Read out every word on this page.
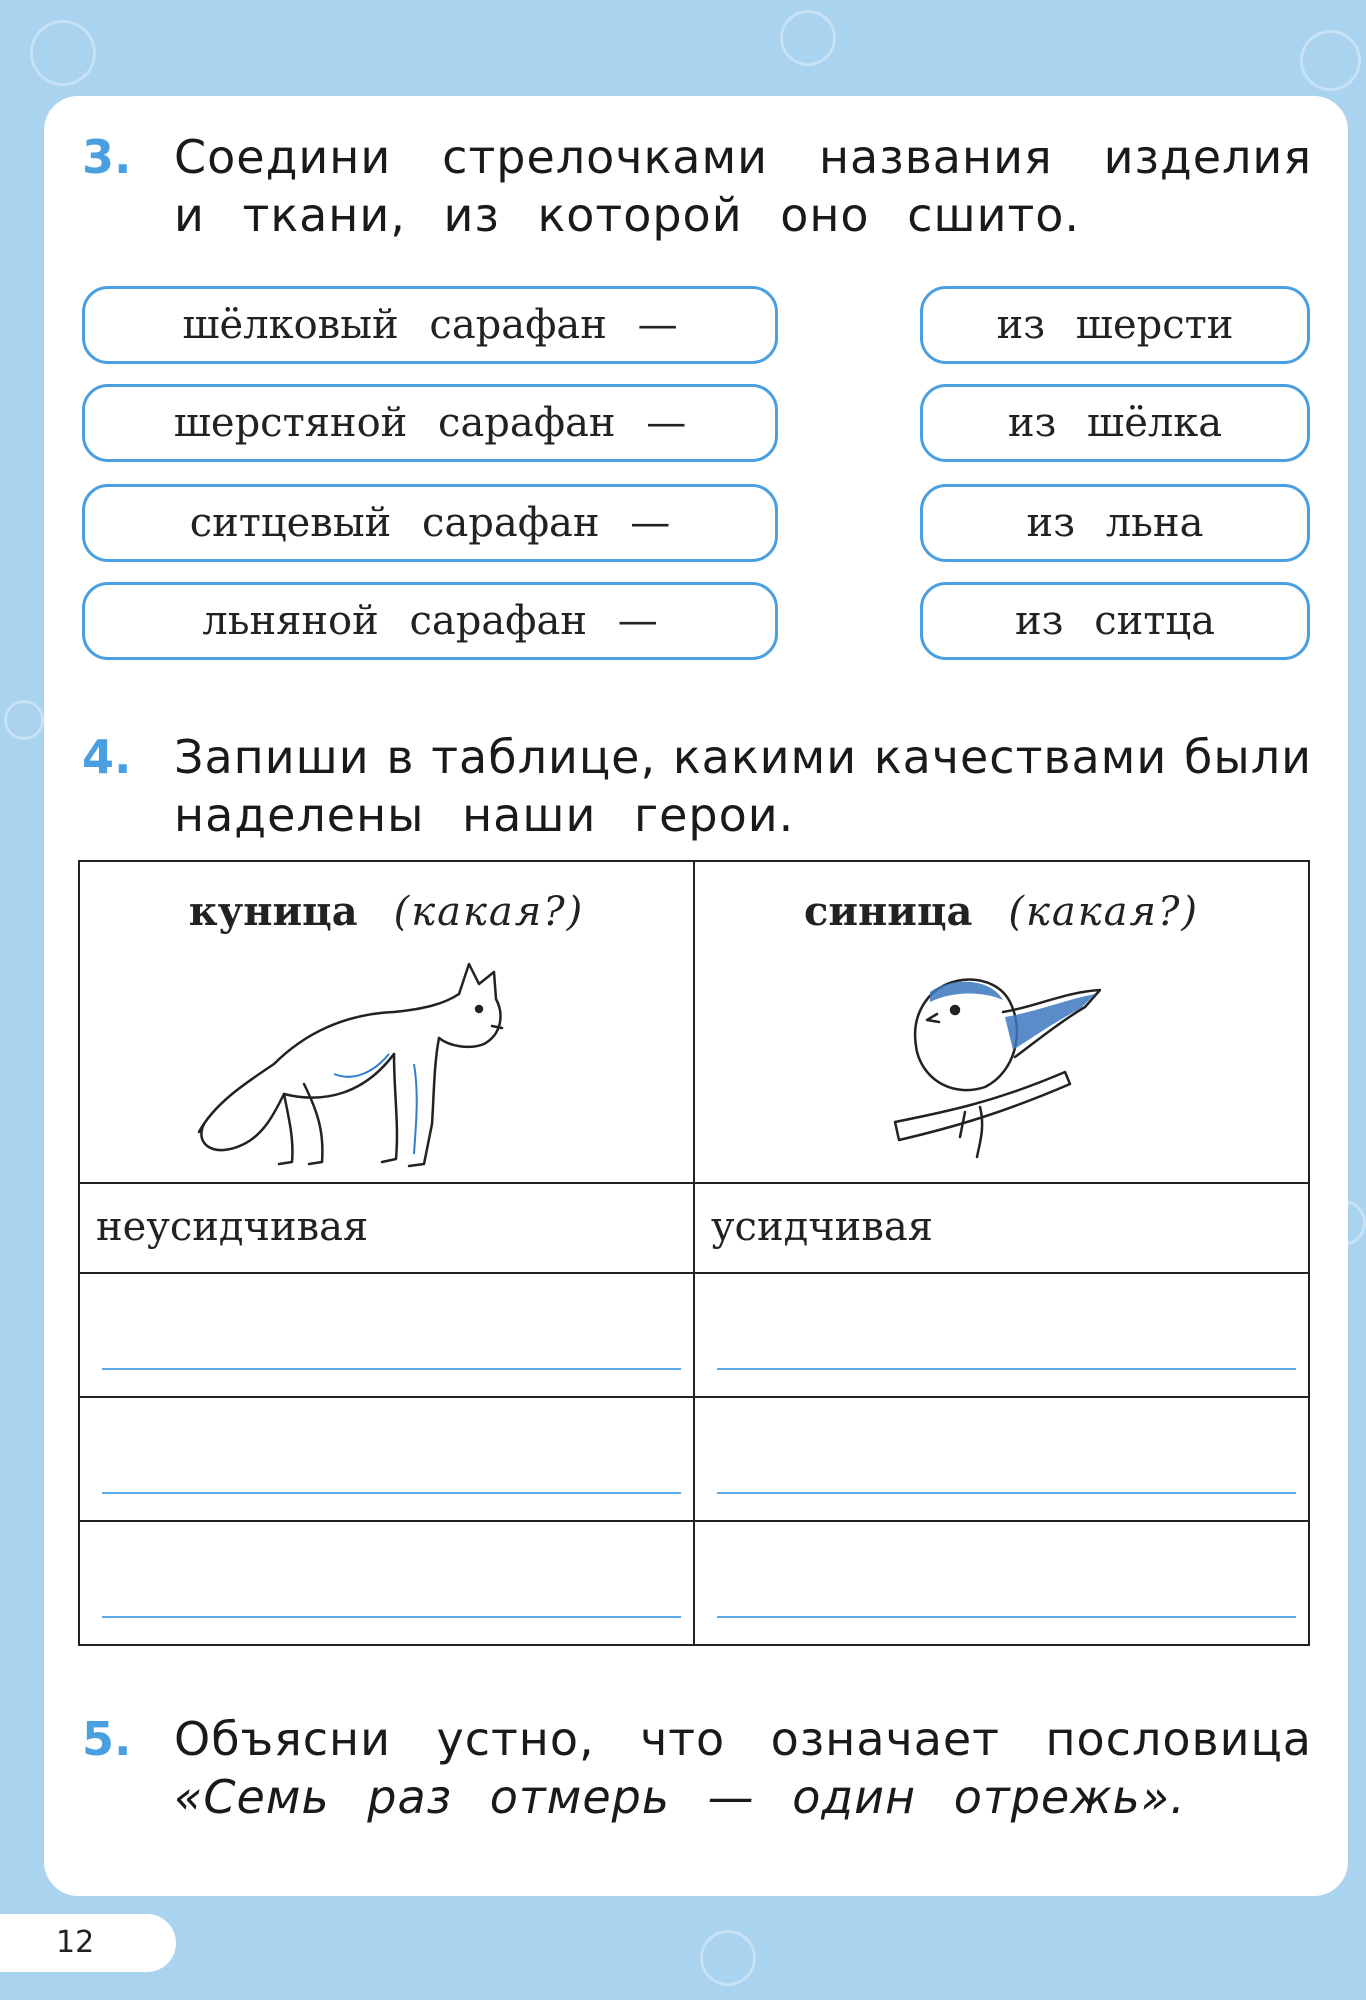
3. Соедини стрелочками названия изделия
и ткани, из которой оно сшито.
шёлковый сарафан —
шерстяной сарафан —
ситцевый сарафан —
льняной сарафан —
из шерсти
из шёлка
из льна
из ситца
4. Запиши в таблице, какими качествами были
наделены наши герои.
куница (какая?)	синица (какая?)

неусидчивая	усидчивая

5. Объясни устно, что означает пословица
«Семь раз отмерь — один отрежь».
12
